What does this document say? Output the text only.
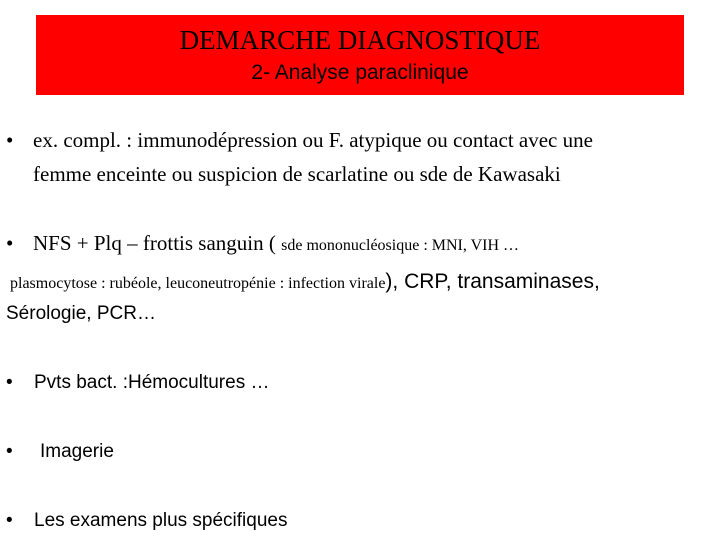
DEMARCHE DIAGNOSTIQUE
2- Analyse paraclinique
• ex. compl. : immunodépression ou F. atypique ou contact avec une
femme enceinte ou suspicion de scarlatine ou sde de Kawasaki
• NFS + Plq – frottis sanguin ( sde mononucléosique : MNI, VIH …
plasmocytose : rubéole, leuconeutropénie : infection virale), CRP, transaminases,
Sérologie, PCR…
• Pvts bact. :Hémocultures …
• Imagerie
• Les examens plus spécifiques
